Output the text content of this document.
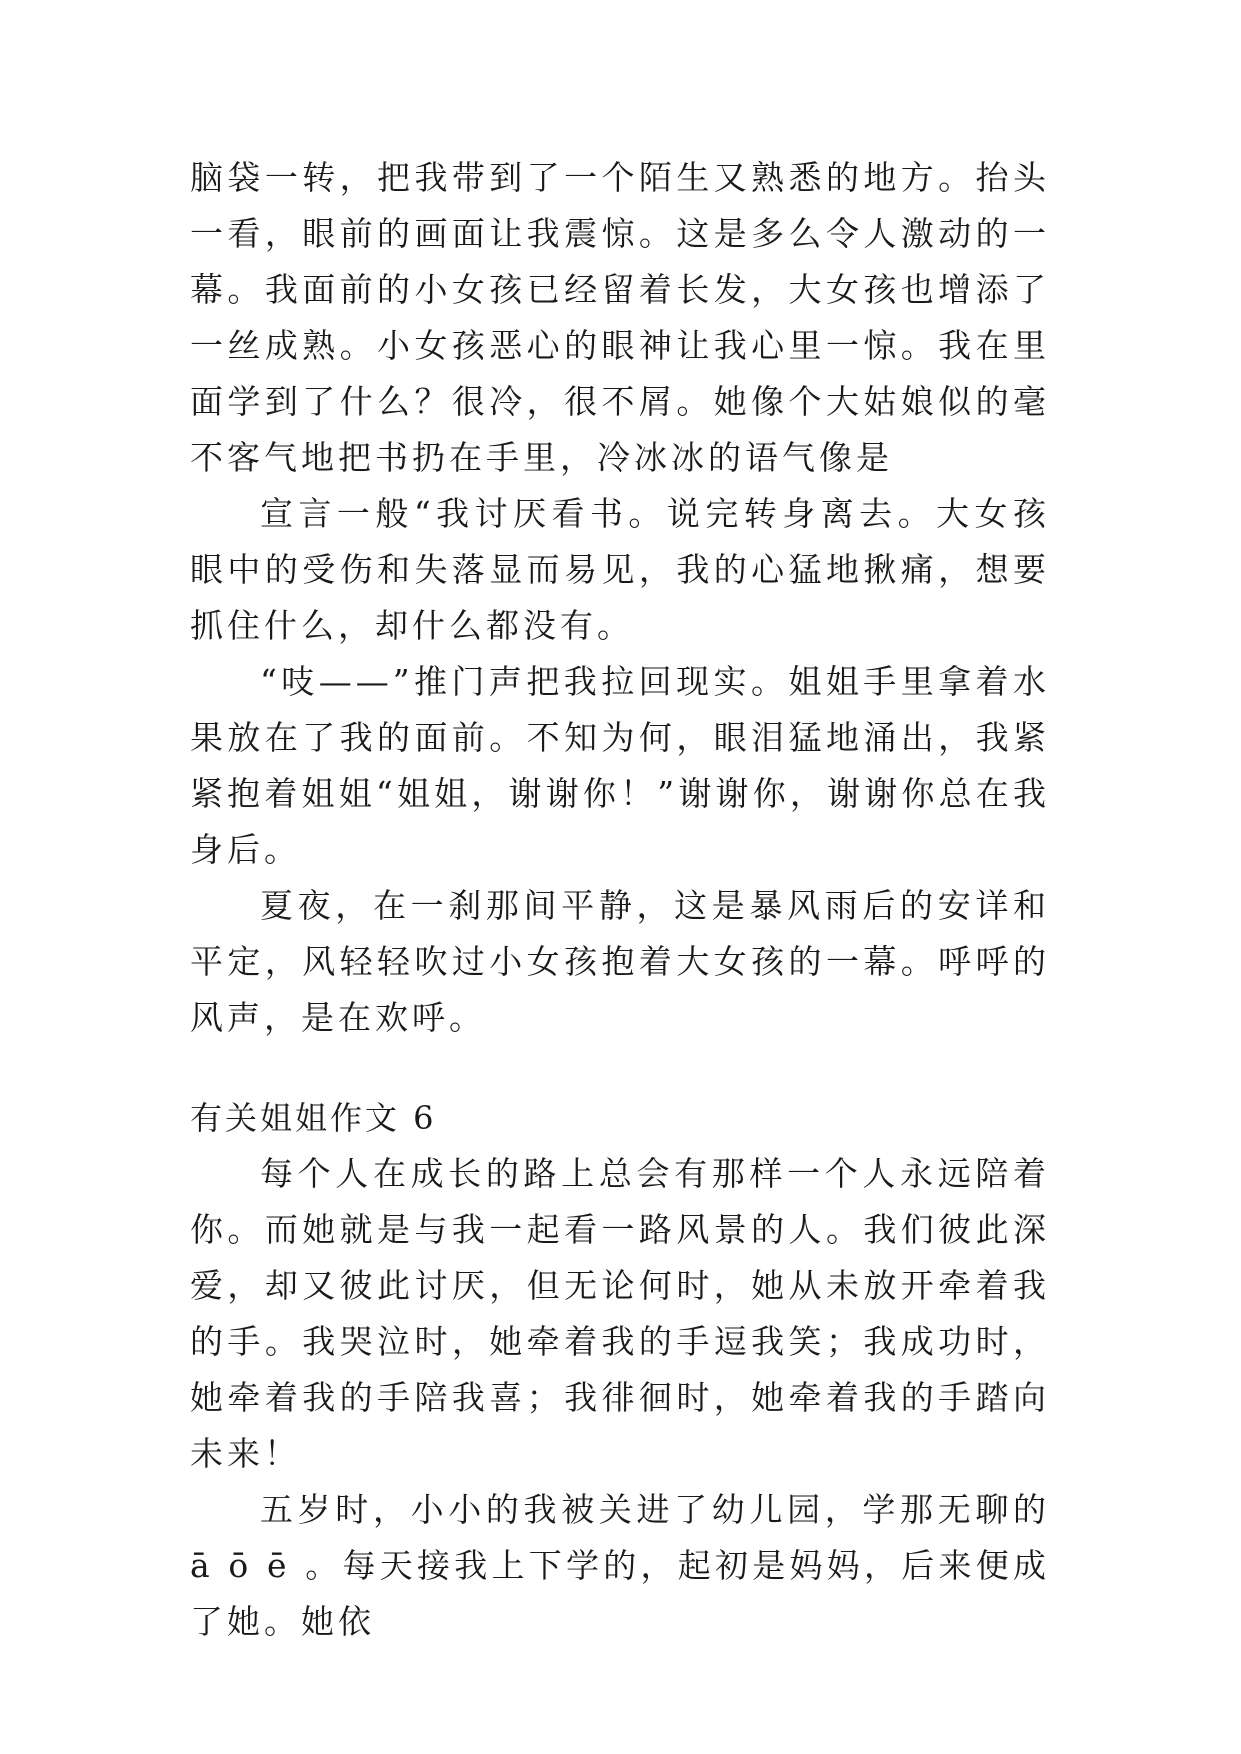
脑袋一转，把我带到了一个陌生又熟悉的地方。抬头一看，眼前的画面让我震惊。这是多么令人激动的一幕。我面前的小女孩已经留着长发，大女孩也增添了一丝成熟。小女孩恶心的眼神让我心里一惊。我在里面学到了什么？很冷，很不屑。她像个大姑娘似的毫不客气地把书扔在手里，冷冰冰的语气像是

宣言一般“我讨厌看书。说完转身离去。大女孩眼中的受伤和失落显而易见，我的心猛地揪痛，想要抓住什么，却什么都没有。

“吱——”推门声把我拉回现实。姐姐手里拿着水果放在了我的面前。不知为何，眼泪猛地涌出，我紧紧抱着姐姐“姐姐，谢谢你！”谢谢你，谢谢你总在我身后。

夏夜，在一刹那间平静，这是暴风雨后的安详和平定，风轻轻吹过小女孩抱着大女孩的一幕。呼呼的风声，是在欢呼。

有关姐姐作文 6

每个人在成长的路上总会有那样一个人永远陪着你。而她就是与我一起看一路风景的人。我们彼此深爱，却又彼此讨厌，但无论何时，她从未放开牵着我的手。我哭泣时，她牵着我的手逗我笑；我成功时，她牵着我的手陪我喜；我徘徊时，她牵着我的手踏向未来！

五岁时，小小的我被关进了幼儿园，学那无聊的 ā ō ē 。每天接我上下学的，起初是妈妈，后来便成了她。她依
